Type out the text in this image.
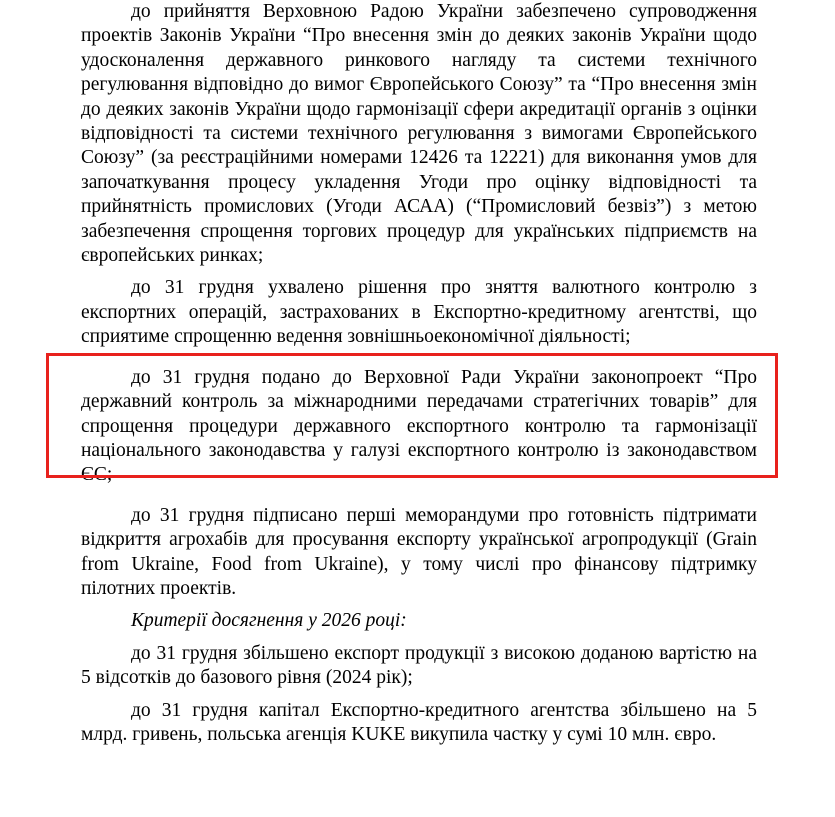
до прийняття Верховною Радою України забезпечено супроводження проектів Законів України “Про внесення змін до деяких законів України щодо удосконалення державного ринкового нагляду та системи технічного регулювання відповідно до вимог Європейського Союзу” та “Про внесення змін до деяких законів України щодо гармонізації сфери акредитації органів з оцінки відповідності та системи технічного регулювання з вимогами Європейського Союзу” (за реєстраційними номерами 12426 та 12221) для виконання умов для започаткування процесу укладення Угоди про оцінку відповідності та прийнятність промислових (Угоди АСАА) (“Промисловий безвіз”) з метою забезпечення спрощення торгових процедур для українських підприємств на європейських ринках;

до 31 грудня ухвалено рішення про зняття валютного контролю з експортних операцій, застрахованих в Експортно-кредитному агентстві, що сприятиме спрощенню ведення зовнішньоекономічної діяльності;

до 31 грудня подано до Верховної Ради України законопроект “Про державний контроль за міжнародними передачами стратегічних товарів” для спрощення процедури державного експортного контролю та гармонізації національного законодавства у галузі експортного контролю із законодавством ЄС;

до 31 грудня підписано перші меморандуми про готовність підтримати відкриття агрохабів для просування експорту української агропродукції (Grain from Ukraine, Food from Ukraine), у тому числі про фінансову підтримку пілотних проектів.

Критерії досягнення у 2026 році:

до 31 грудня збільшено експорт продукції з високою доданою вартістю на 5 відсотків до базового рівня (2024 рік);

до 31 грудня капітал Експортно-кредитного агентства збільшено на 5 млрд. гривень, польська агенція KUKE викупила частку у сумі 10 млн. євро.
